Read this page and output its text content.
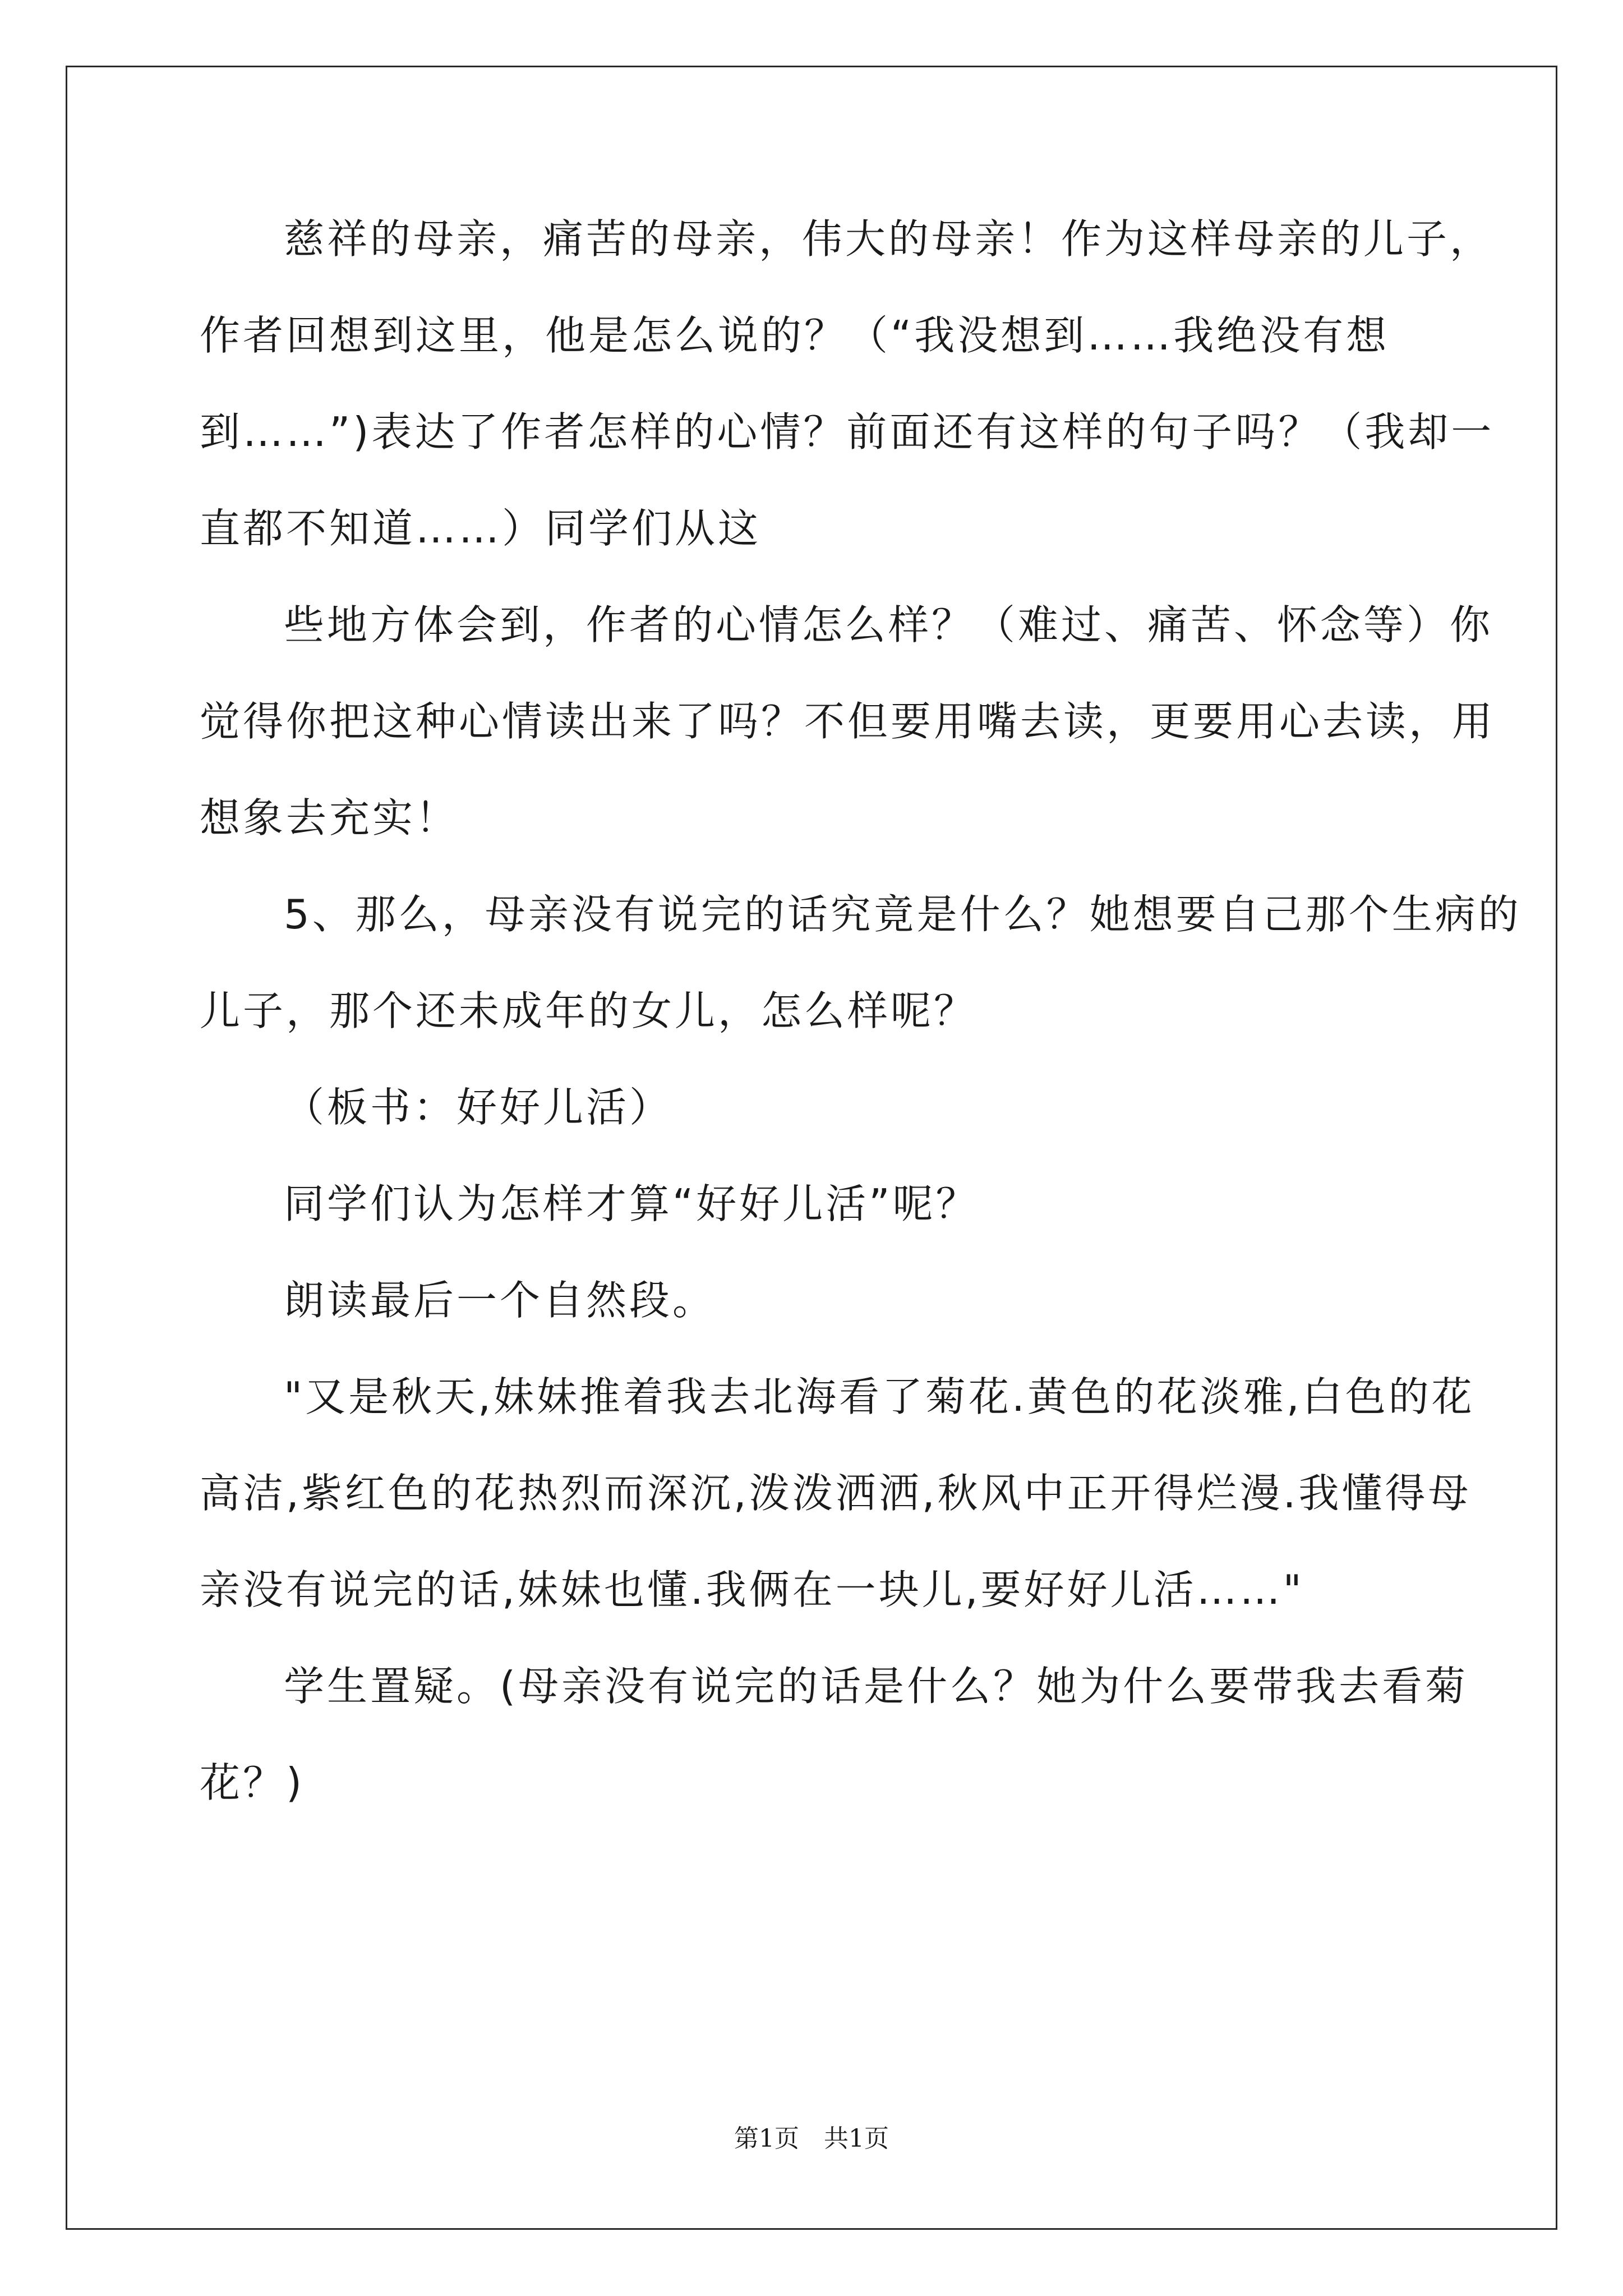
慈祥的母亲，痛苦的母亲，伟大的母亲！作为这样母亲的儿子，
作者回想到这里，他是怎么说的？（“我没想到……我绝没有想
到……”)表达了作者怎样的心情？前面还有这样的句子吗？（我却一
直都不知道……）同学们从这
些地方体会到，作者的心情怎么样？（难过、痛苦、怀念等）你
觉得你把这种心情读出来了吗？不但要用嘴去读，更要用心去读，用
想象去充实！
5、那么，母亲没有说完的话究竟是什么？她想要自己那个生病的
儿子，那个还未成年的女儿，怎么样呢？
（板书：好好儿活）
同学们认为怎样才算“好好儿活”呢？
朗读最后一个自然段。
"又是秋天,妹妹推着我去北海看了菊花.黄色的花淡雅,白色的花
高洁,紫红色的花热烈而深沉,泼泼洒洒,秋风中正开得烂漫.我懂得母
亲没有说完的话,妹妹也懂.我俩在一块儿,要好好儿活……"
学生置疑。(母亲没有说完的话是什么？她为什么要带我去看菊
花？)
第1页　共1页
